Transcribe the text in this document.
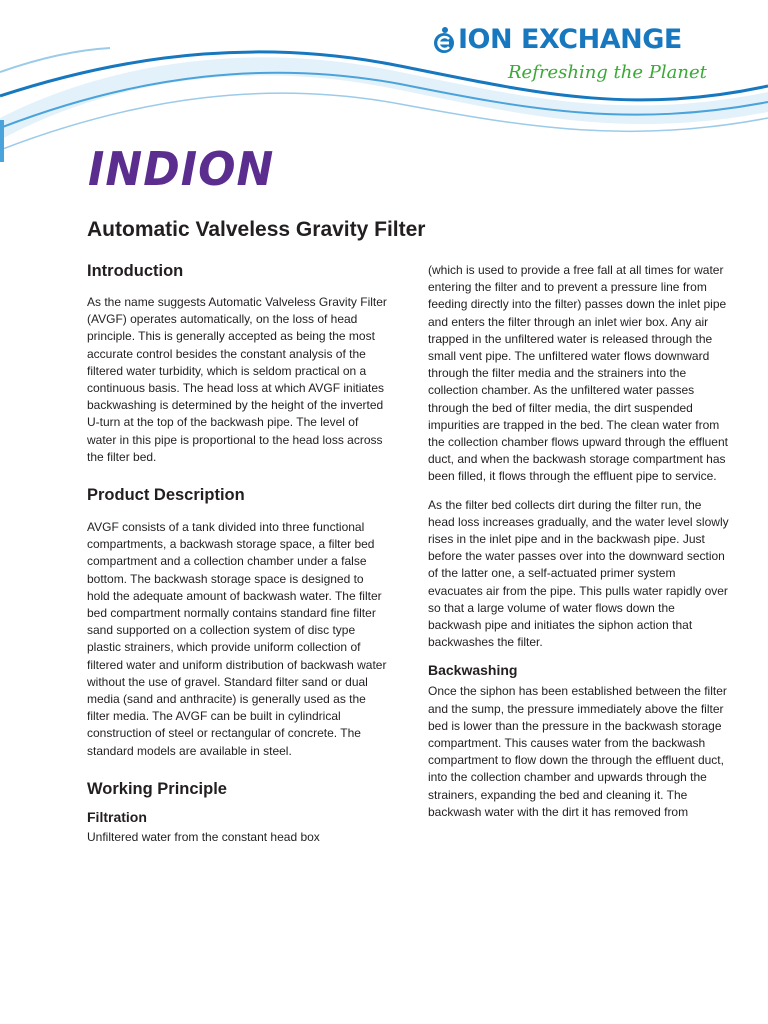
ION EXCHANGE
Refreshing the Planet
INDION
Automatic Valveless Gravity Filter
Introduction

As the name suggests Automatic Valveless Gravity Filter (AVGF) operates automatically, on the loss of head principle. This is generally accepted as being the most accurate control besides the constant analysis of the filtered water turbidity, which is seldom practical on a continuous basis. The head loss at which AVGF initiates backwashing is determined by the height of the inverted U-turn at the top of the backwash pipe. The level of water in this pipe is proportional to the head loss across the filter bed.

Product Description

AVGF consists of a tank divided into three functional compartments, a backwash storage space, a filter bed compartment and a collection chamber under a false bottom. The backwash storage space is designed to hold the adequate amount of backwash water. The filter bed compartment normally contains standard fine filter sand supported on a collection system of disc type plastic strainers, which provide uniform collection of filtered water and uniform distribution of backwash water without the use of gravel. Standard filter sand or dual media (sand and anthracite) is generally used as the filter media. The AVGF can be built in cylindrical construction of steel or rectangular of concrete. The standard models are available in steel.

Working Principle
Filtration

Unfiltered water from the constant head box

(which is used to provide a free fall at all times for water entering the filter and to prevent a pressure line from feeding directly into the filter) passes down the inlet pipe and enters the filter through an inlet wier box. Any air trapped in the unfiltered water is released through the small vent pipe. The unfiltered water flows downward through the filter media and the strainers into the collection chamber. As the unfiltered water passes through the bed of filter media, the dirt suspended impurities are trapped in the bed. The clean water from the collection chamber flows upward through the effluent duct, and when the backwash storage compartment has been filled, it flows through the effluent pipe to service.

As the filter bed collects dirt during the filter run, the head loss increases gradually, and the water level slowly rises in the inlet pipe and in the backwash pipe. Just before the water passes over into the downward section of the latter one, a self-actuated primer system evacuates air from the pipe. This pulls water rapidly over so that a large volume of water flows down the backwash pipe and initiates the siphon action that backwashes the filter.

Backwashing

Once the siphon has been established between the filter and the sump, the pressure immediately above the filter bed is lower than the pressure in the backwash storage compartment. This causes water from the backwash compartment to flow down the through the effluent duct, into the collection chamber and upwards through the strainers, expanding the bed and cleaning it. The backwash water with the dirt it has removed from
